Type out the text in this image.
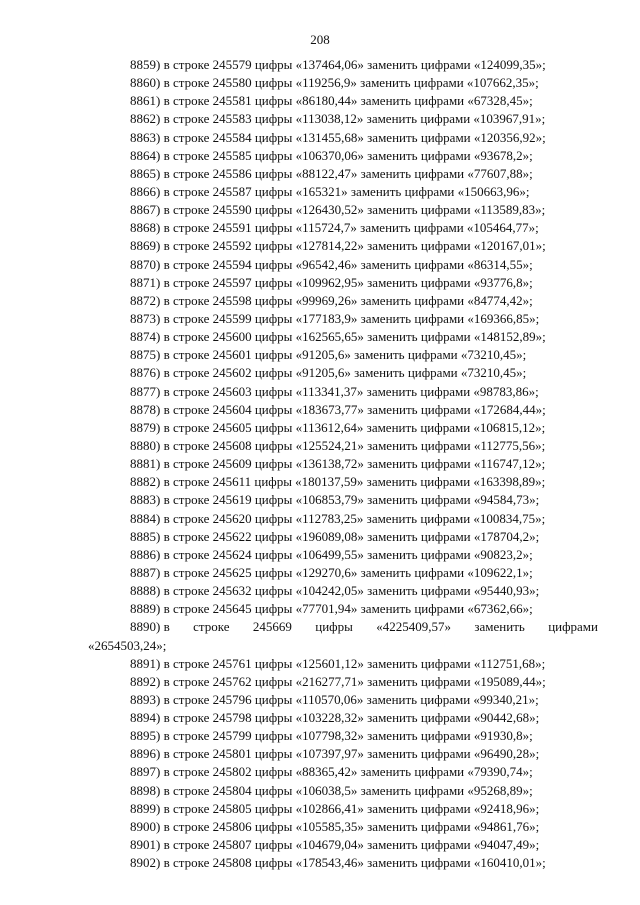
208
8859) в строке 245579 цифры «137464,06» заменить цифрами «124099,35»;
8860) в строке 245580 цифры «119256,9» заменить цифрами «107662,35»;
8861) в строке 245581 цифры «86180,44» заменить цифрами «67328,45»;
8862) в строке 245583 цифры «113038,12» заменить цифрами «103967,91»;
8863) в строке 245584 цифры «131455,68» заменить цифрами «120356,92»;
8864) в строке 245585 цифры «106370,06» заменить цифрами «93678,2»;
8865) в строке 245586 цифры «88122,47» заменить цифрами «77607,88»;
8866) в строке 245587 цифры «165321» заменить цифрами «150663,96»;
8867) в строке 245590 цифры «126430,52» заменить цифрами «113589,83»;
8868) в строке 245591 цифры «115724,7» заменить цифрами «105464,77»;
8869) в строке 245592 цифры «127814,22» заменить цифрами «120167,01»;
8870) в строке 245594 цифры «96542,46» заменить цифрами «86314,55»;
8871) в строке 245597 цифры «109962,95» заменить цифрами «93776,8»;
8872) в строке 245598 цифры «99969,26» заменить цифрами «84774,42»;
8873) в строке 245599 цифры «177183,9» заменить цифрами «169366,85»;
8874) в строке 245600 цифры «162565,65» заменить цифрами «148152,89»;
8875) в строке 245601 цифры «91205,6» заменить цифрами «73210,45»;
8876) в строке 245602 цифры «91205,6» заменить цифрами «73210,45»;
8877) в строке 245603 цифры «113341,37» заменить цифрами «98783,86»;
8878) в строке 245604 цифры «183673,77» заменить цифрами «172684,44»;
8879) в строке 245605 цифры «113612,64» заменить цифрами «106815,12»;
8880) в строке 245608 цифры «125524,21» заменить цифрами «112775,56»;
8881) в строке 245609 цифры «136138,72» заменить цифрами «116747,12»;
8882) в строке 245611 цифры «180137,59» заменить цифрами «163398,89»;
8883) в строке 245619 цифры «106853,79» заменить цифрами «94584,73»;
8884) в строке 245620 цифры «112783,25» заменить цифрами «100834,75»;
8885) в строке 245622 цифры «196089,08» заменить цифрами «178704,2»;
8886) в строке 245624 цифры «106499,55» заменить цифрами «90823,2»;
8887) в строке 245625 цифры «129270,6» заменить цифрами «109622,1»;
8888) в строке 245632 цифры «104242,05» заменить цифрами «95440,93»;
8889) в строке 245645 цифры «77701,94» заменить цифрами «67362,66»;
8890) в строке 245669 цифры «4225409,57» заменить цифрами
«2654503,24»;
8891) в строке 245761 цифры «125601,12» заменить цифрами «112751,68»;
8892) в строке 245762 цифры «216277,71» заменить цифрами «195089,44»;
8893) в строке 245796 цифры «110570,06» заменить цифрами «99340,21»;
8894) в строке 245798 цифры «103228,32» заменить цифрами «90442,68»;
8895) в строке 245799 цифры «107798,32» заменить цифрами «91930,8»;
8896) в строке 245801 цифры «107397,97» заменить цифрами «96490,28»;
8897) в строке 245802 цифры «88365,42» заменить цифрами «79390,74»;
8898) в строке 245804 цифры «106038,5» заменить цифрами «95268,89»;
8899) в строке 245805 цифры «102866,41» заменить цифрами «92418,96»;
8900) в строке 245806 цифры «105585,35» заменить цифрами «94861,76»;
8901) в строке 245807 цифры «104679,04» заменить цифрами «94047,49»;
8902) в строке 245808 цифры «178543,46» заменить цифрами «160410,01»;
